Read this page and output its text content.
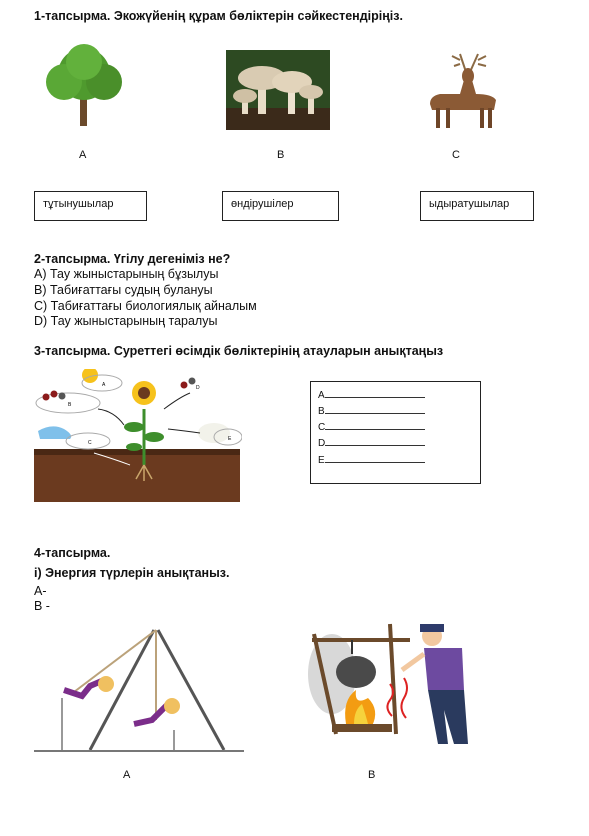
1-тапсырма. Экожүйенің құрам бөліктерін сәйкестендіріңіз.
A	B	C
тұтынушылар	өндірушілер	ыдыратушылар
2-тапсырма. Үгілу дегеніміз не?
A) Тау жыныстарының бұзылуы
B) Табиғаттағы судың булануы
C) Табиғаттағы биологиялық айналым
D) Тау жыныстарының таралуы
3-тапсырма. Суреттегі өсімдік бөліктерінің атауларын анықтаңыз
A
B
C
D
E
A
B
C
D
E
4-тапсырма.
i) Энергия түрлерін анықтаныз.
A-
B -
A	B
